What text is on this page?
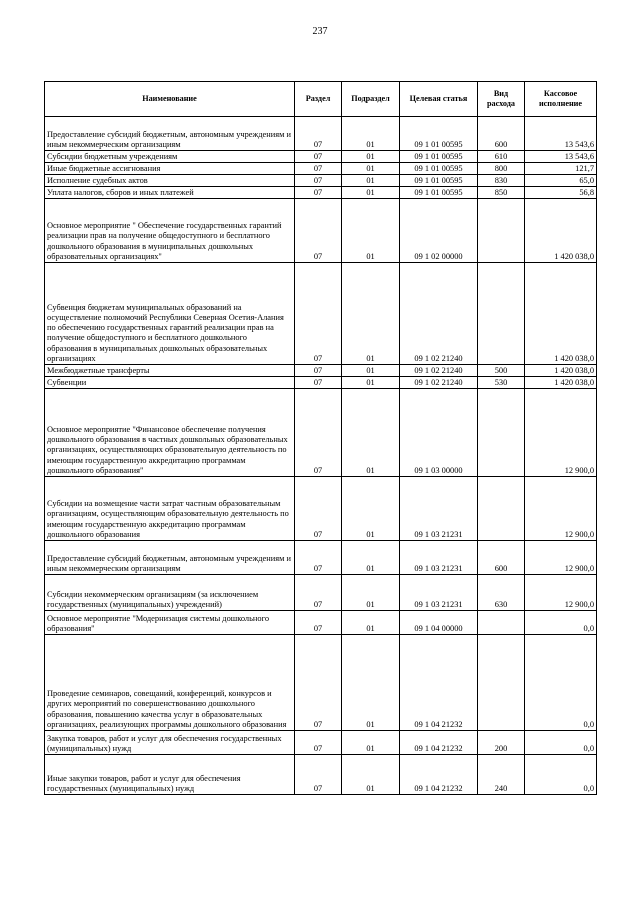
237
Наименование	Раздел	Подраздел	Целевая статья	Вид расхода	Кассовое исполнение
Предоставление субсидий бюджетным, автономным учреждениям и иным некоммерческим организациям	07	01	09 1 01 00595	600	13 543,6
Субсидии бюджетным учреждениям	07	01	09 1 01 00595	610	13 543,6
Иные бюджетные ассигнования	07	01	09 1 01 00595	800	121,7
Исполнение судебных актов	07	01	09 1 01 00595	830	65,0
Уплата налогов, сборов и иных платежей	07	01	09 1 01 00595	850	56,8
Основное мероприятие " Обеспечение государственных гарантий реализации прав на получение общедоступного и бесплатного дошкольного образования в муниципальных дошкольных образовательных организациях"	07	01	09 1 02 00000		1 420 038,0
Субвенция бюджетам муниципальных образований на осуществление полномочий Республики Северная Осетия-Алания по обеспечению государственных гарантий реализации прав на получение общедоступного и бесплатного дошкольного образования в муниципальных дошкольных образовательных организациях	07	01	09 1 02 21240		1 420 038,0
Межбюджетные трансферты	07	01	09 1 02 21240	500	1 420 038,0
Субвенции	07	01	09 1 02 21240	530	1 420 038,0
Основное мероприятие "Финансовое обеспечение получения дошкольного образования в частных дошкольных образовательных организациях, осуществляющих образовательную деятельность по имеющим государственную аккредитацию программам дошкольного образования"	07	01	09 1 03 00000		12 900,0
Субсидии на возмещение части затрат частным образовательным организациям, осуществляющим образовательную деятельность по имеющим государственную аккредитацию программам дошкольного образования	07	01	09 1 03 21231		12 900,0
Предоставление субсидий бюджетным, автономным учреждениям и иным некоммерческим организациям	07	01	09 1 03 21231	600	12 900,0
Субсидии некоммерческим организациям (за исключением государственных (муниципальных) учреждений)	07	01	09 1 03 21231	630	12 900,0
Основное мероприятие "Модернизация системы дошкольного образования"	07	01	09 1 04 00000		0,0
Проведение семинаров, совещаний, конференций, конкурсов и других мероприятий по совершенствованию дошкольного образования, повышению качества услуг в образовательных организациях, реализующих программы дошкольного образования	07	01	09 1 04 21232		0,0
Закупка товаров, работ и услуг для обеспечения государственных (муниципальных) нужд	07	01	09 1 04 21232	200	0,0
Иные закупки товаров, работ и услуг для обеспечения государственных (муниципальных) нужд	07	01	09 1 04 21232	240	0,0
